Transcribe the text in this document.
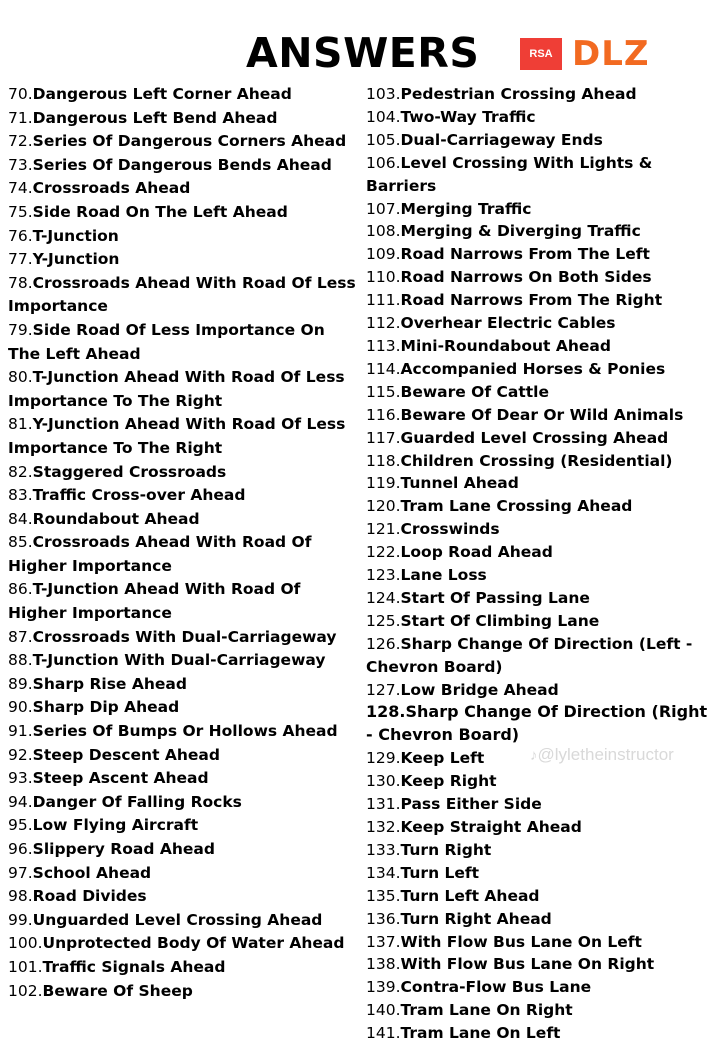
ANSWERS	RSA DLZ
70.Dangerous Left Corner Ahead
71.Dangerous Left Bend Ahead
72.Series Of Dangerous Corners Ahead
73.Series Of Dangerous Bends Ahead
74.Crossroads Ahead
75.Side Road On The Left Ahead
76.T-Junction
77.Y-Junction
78.Crossroads Ahead With Road Of Less Importance
79.Side Road Of Less Importance On The Left Ahead
80.T-Junction Ahead With Road Of Less Importance To The Right
81.Y-Junction Ahead With Road Of Less Importance To The Right
82.Staggered Crossroads
83.Traffic Cross-over Ahead
84.Roundabout Ahead
85.Crossroads Ahead With Road Of Higher Importance
86.T-Junction Ahead With Road Of Higher Importance
87.Crossroads With Dual-Carriageway
88.T-Junction With Dual-Carriageway
89.Sharp Rise Ahead
90.Sharp Dip Ahead
91.Series Of Bumps Or Hollows Ahead
92.Steep Descent Ahead
93.Steep Ascent Ahead
94.Danger Of Falling Rocks
95.Low Flying Aircraft
96.Slippery Road Ahead
97.School Ahead
98.Road Divides
99.Unguarded Level Crossing Ahead
100.Unprotected Body Of Water Ahead
101.Traffic Signals Ahead
102.Beware Of Sheep
103.Pedestrian Crossing Ahead
104.Two-Way Traffic
105.Dual-Carriageway Ends
106.Level Crossing With Lights & Barriers
107.Merging Traffic
108.Merging & Diverging Traffic
109.Road Narrows From The Left
110.Road Narrows On Both Sides
111.Road Narrows From The Right
112.Overhear Electric Cables
113.Mini-Roundabout Ahead
114.Accompanied Horses & Ponies
115.Beware Of Cattle
116.Beware Of Dear Or Wild Animals
117.Guarded Level Crossing Ahead
118.Children Crossing (Residential)
119.Tunnel Ahead
120.Tram Lane Crossing Ahead
121.Crosswinds
122.Loop Road Ahead
123.Lane Loss
124.Start Of Passing Lane
125.Start Of Climbing Lane
126.Sharp Change Of Direction (Left - Chevron Board)
127.Low Bridge Ahead
128.Sharp Change Of Direction (Right - Chevron Board)
129.Keep Left
130.Keep Right
131.Pass Either Side
132.Keep Straight Ahead
133.Turn Right
134.Turn Left
135.Turn Left Ahead
136.Turn Right Ahead
137.With Flow Bus Lane On Left
138.With Flow Bus Lane On Right
139.Contra-Flow Bus Lane
140.Tram Lane On Right
141.Tram Lane On Left
♪@lyletheinstructor
